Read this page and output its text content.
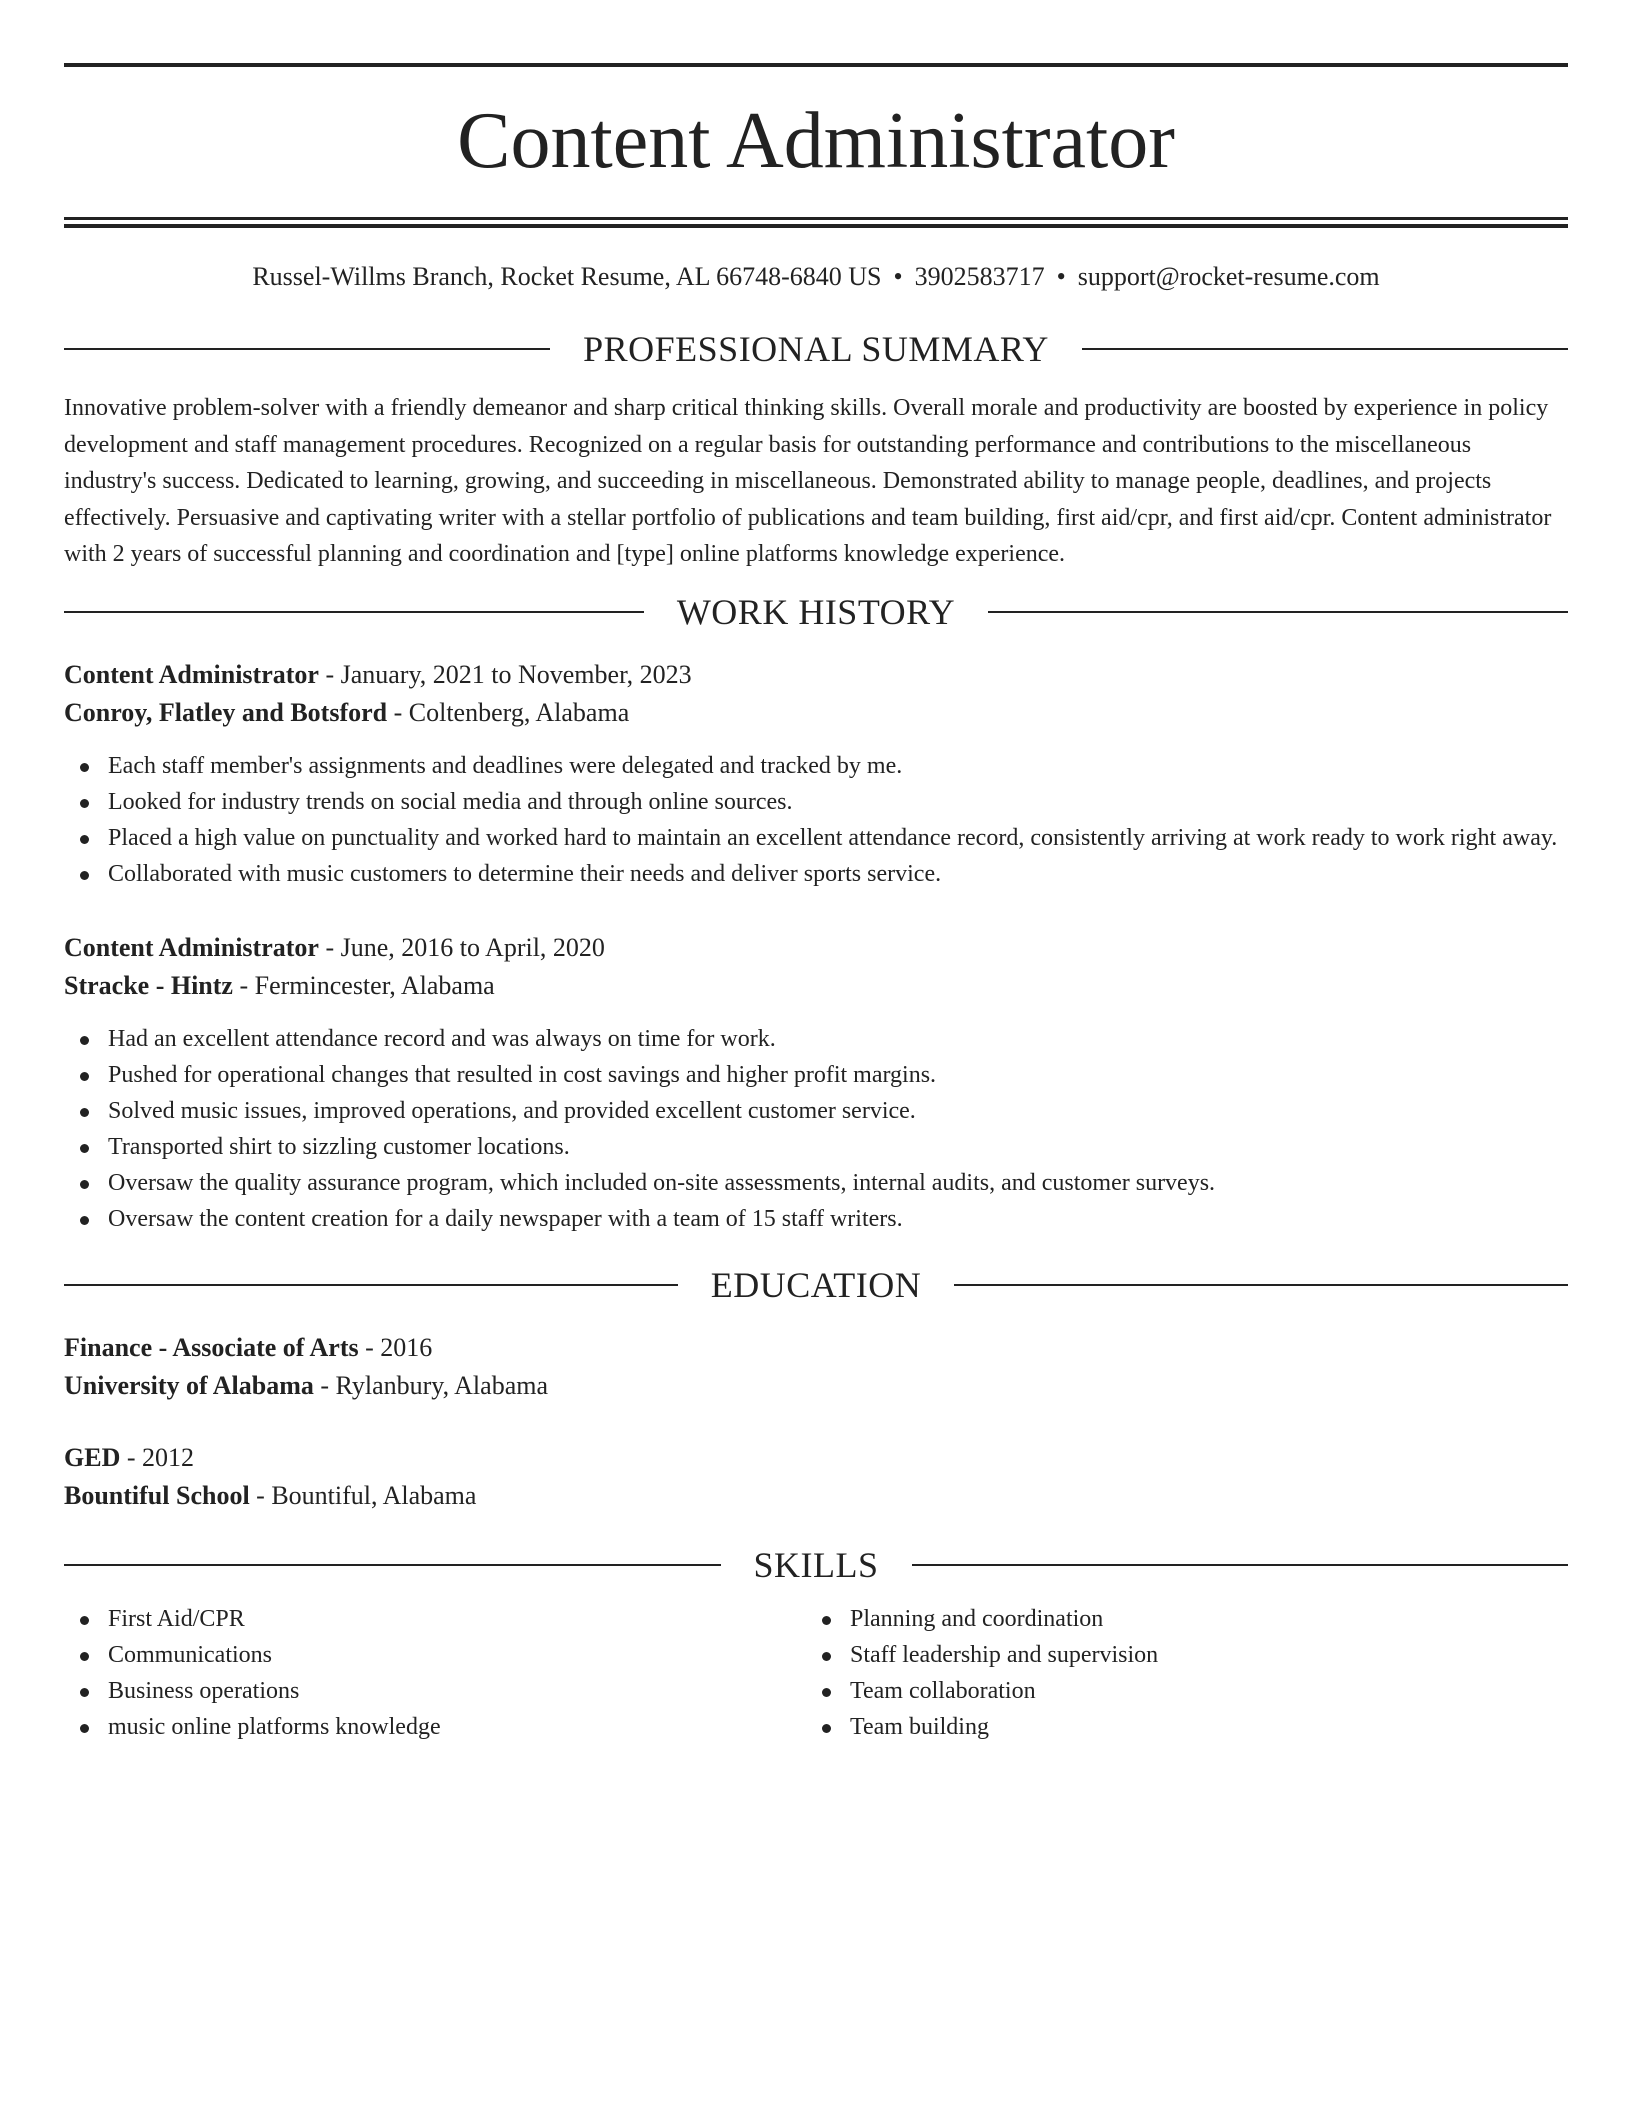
Content Administrator
Russel-Willms Branch, Rocket Resume, AL 66748-6840 US • 3902583717 • support@rocket-resume.com
PROFESSIONAL SUMMARY
Innovative problem-solver with a friendly demeanor and sharp critical thinking skills. Overall morale and productivity are boosted by experience in policy development and staff management procedures. Recognized on a regular basis for outstanding performance and contributions to the miscellaneous industry's success. Dedicated to learning, growing, and succeeding in miscellaneous. Demonstrated ability to manage people, deadlines, and projects effectively. Persuasive and captivating writer with a stellar portfolio of publications and team building, first aid/cpr, and first aid/cpr. Content administrator with 2 years of successful planning and coordination and [type] online platforms knowledge experience.
WORK HISTORY
Content Administrator - January, 2021 to November, 2023
Conroy, Flatley and Botsford - Coltenberg, Alabama
Each staff member's assignments and deadlines were delegated and tracked by me.
Looked for industry trends on social media and through online sources.
Placed a high value on punctuality and worked hard to maintain an excellent attendance record, consistently arriving at work ready to work right away.
Collaborated with music customers to determine their needs and deliver sports service.
Content Administrator - June, 2016 to April, 2020
Stracke - Hintz - Fermincester, Alabama
Had an excellent attendance record and was always on time for work.
Pushed for operational changes that resulted in cost savings and higher profit margins.
Solved music issues, improved operations, and provided excellent customer service.
Transported shirt to sizzling customer locations.
Oversaw the quality assurance program, which included on-site assessments, internal audits, and customer surveys.
Oversaw the content creation for a daily newspaper with a team of 15 staff writers.
EDUCATION
Finance - Associate of Arts - 2016
University of Alabama - Rylanbury, Alabama
GED - 2012
Bountiful School - Bountiful, Alabama
SKILLS
First Aid/CPR
Communications
Business operations
music online platforms knowledge
Planning and coordination
Staff leadership and supervision
Team collaboration
Team building
